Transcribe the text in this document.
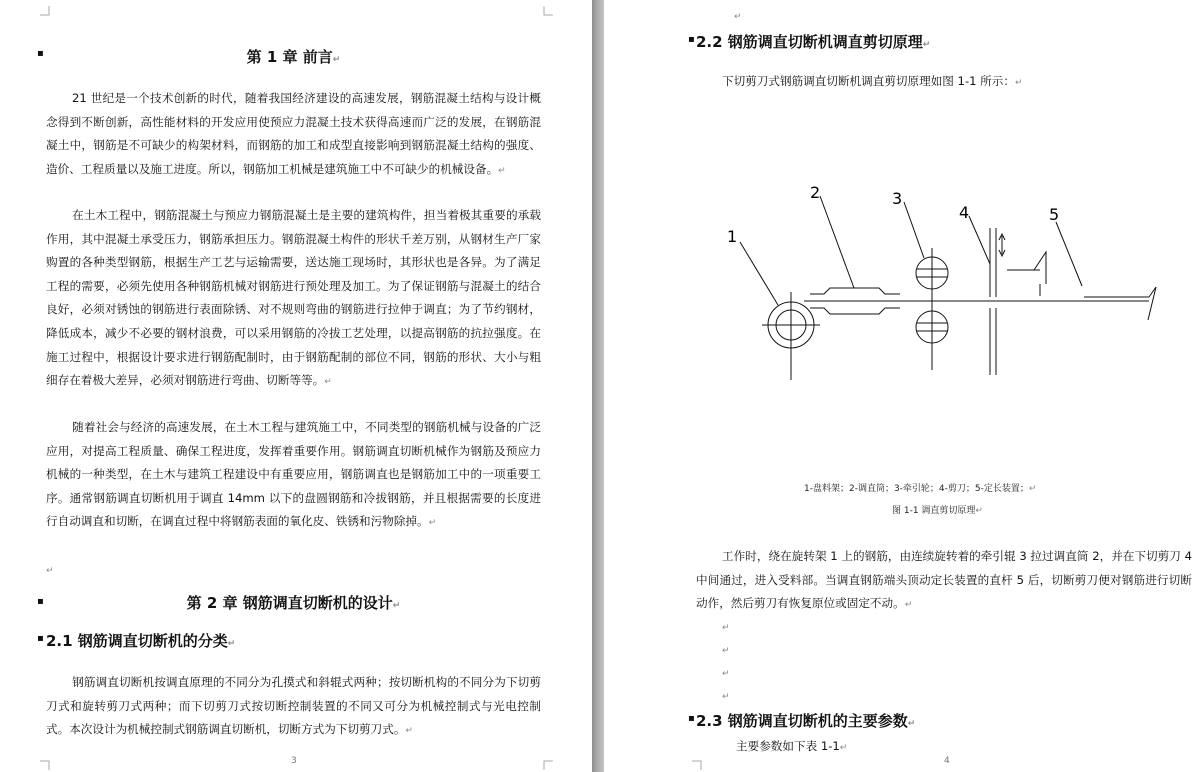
▪	第 1 章 前言↵

21 世纪是一个技术创新的时代，随着我国经济建设的高速发展，钢筋混凝土结构与设计概念得到不断创新，高性能材料的开发应用使预应力混凝土技术获得高速而广泛的发展，在钢筋混凝土中，钢筋是不可缺少的构架材料，而钢筋的加工和成型直接影响到钢筋混凝土结构的强度、造价、工程质量以及施工进度。所以，钢筋加工机械是建筑施工中不可缺少的机械设备。↵

在土木工程中，钢筋混凝土与预应力钢筋混凝土是主要的建筑构件，担当着极其重要的承载作用，其中混凝土承受压力，钢筋承担压力。钢筋混凝土构件的形状千差万别，从钢材生产厂家购置的各种类型钢筋，根据生产工艺与运输需要，送达施工现场时，其形状也是各异。为了满足工程的需要，必须先使用各种钢筋机械对钢筋进行预处理及加工。为了保证钢筋与混凝土的结合良好，必须对锈蚀的钢筋进行表面除锈、对不规则弯曲的钢筋进行拉伸于调直；为了节约钢材，降低成本，减少不必要的钢材浪费，可以采用钢筋的冷拔工艺处理，以提高钢筋的抗拉强度。在施工过程中，根据设计要求进行钢筋配制时，由于钢筋配制的部位不同，钢筋的形状、大小与粗细存在着极大差异，必须对钢筋进行弯曲、切断等等。↵

随着社会与经济的高速发展，在土木工程与建筑施工中，不同类型的钢筋机械与设备的广泛应用，对提高工程质量、确保工程进度，发挥着重要作用。钢筋调直切断机械作为钢筋及预应力机械的一种类型，在土木与建筑工程建设中有重要应用，钢筋调直也是钢筋加工中的一项重要工序。通常钢筋调直切断机用于调直 14mm 以下的盘圆钢筋和冷拔钢筋，并且根据需要的长度进行自动调直和切断，在调直过程中将钢筋表面的氧化皮、铁锈和污物除掉。↵

↵
▪	第 2 章 钢筋调直切断机的设计↵
▪ 2.1 钢筋调直切断机的分类↵

钢筋调直切断机按调直原理的不同分为孔摸式和斜辊式两种；按切断机构的不同分为下切剪刀式和旋转剪刀式两种；而下切剪刀式按切断控制装置的不同又可分为机械控制式与光电控制式。本次设计为机械控制式钢筋调直切断机，切断方式为下切剪刀式。↵

3
↵
▪ 2.2 钢筋调直切断机调直剪切原理↵
下切剪刀式钢筋调直切断机调直剪切原理如图 1-1 所示：↵
1
2	3
4	5
1-盘料架；2-调直筒；3-牵引轮；4-剪刀；5-定长装置；↵
图 1-1 调直剪切原理↵

工作时，绕在旋转架 1 上的钢筋，由连续旋转着的牵引辊 3 拉过调直筒 2，并在下切剪刀 4 中间通过，进入受料部。当调直钢筋端头顶动定长装置的直杆 5 后，切断剪刀便对钢筋进行切断动作，然后剪刀有恢复原位或固定不动。↵

↵
↵
↵
↵
▪ 2.3 钢筋调直切断机的主要参数↵
主要参数如下表 1-1↵
4
